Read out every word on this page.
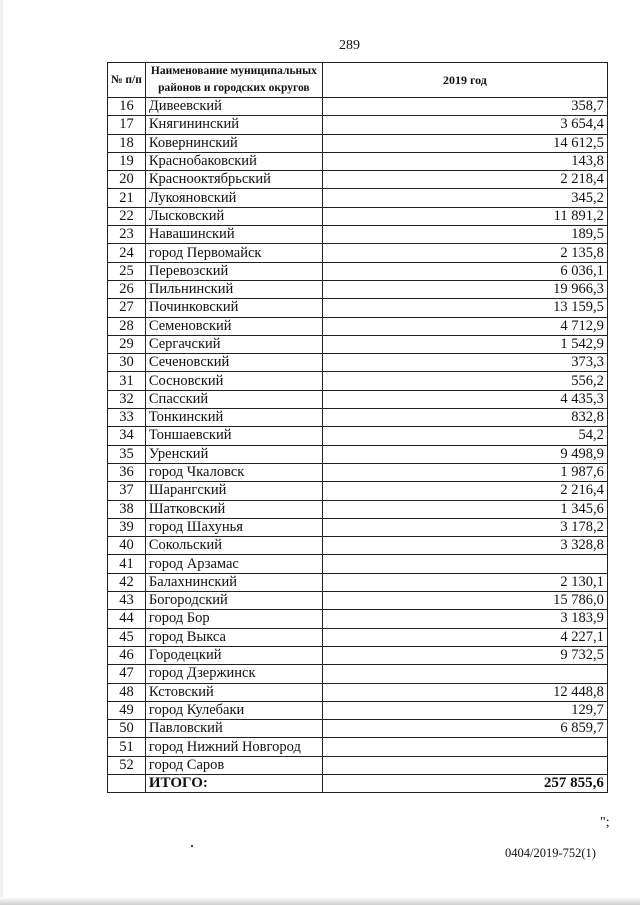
289
№ п/п	Наименование муниципальных районов и городских округов	2019 год
16	Дивеевский	358,7
17	Княгининский	3 654,4
18	Ковернинский	14 612,5
19	Краснобаковский	143,8
20	Краснооктябрьский	2 218,4
21	Лукояновский	345,2
22	Лысковский	11 891,2
23	Навашинский	189,5
24	город Первомайск	2 135,8
25	Перевозский	6 036,1
26	Пильнинский	19 966,3
27	Починковский	13 159,5
28	Семеновский	4 712,9
29	Сергачский	1 542,9
30	Сеченовский	373,3
31	Сосновский	556,2
32	Спасский	4 435,3
33	Тонкинский	832,8
34	Тоншаевский	54,2
35	Уренский	9 498,9
36	город Чкаловск	1 987,6
37	Шарангский	2 216,4
38	Шатковский	1 345,6
39	город Шахунья	3 178,2
40	Сокольский	3 328,8
41	город Арзамас	
42	Балахнинский	2 130,1
43	Богородский	15 786,0
44	город Бор	3 183,9
45	город Выкса	4 227,1
46	Городецкий	9 732,5
47	город Дзержинск	
48	Кстовский	12 448,8
49	город Кулебаки	129,7
50	Павловский	6 859,7
51	город Нижний Новгород	
52	город Саров	
	ИТОГО:	257 855,6
";
0404/2019-752(1)
